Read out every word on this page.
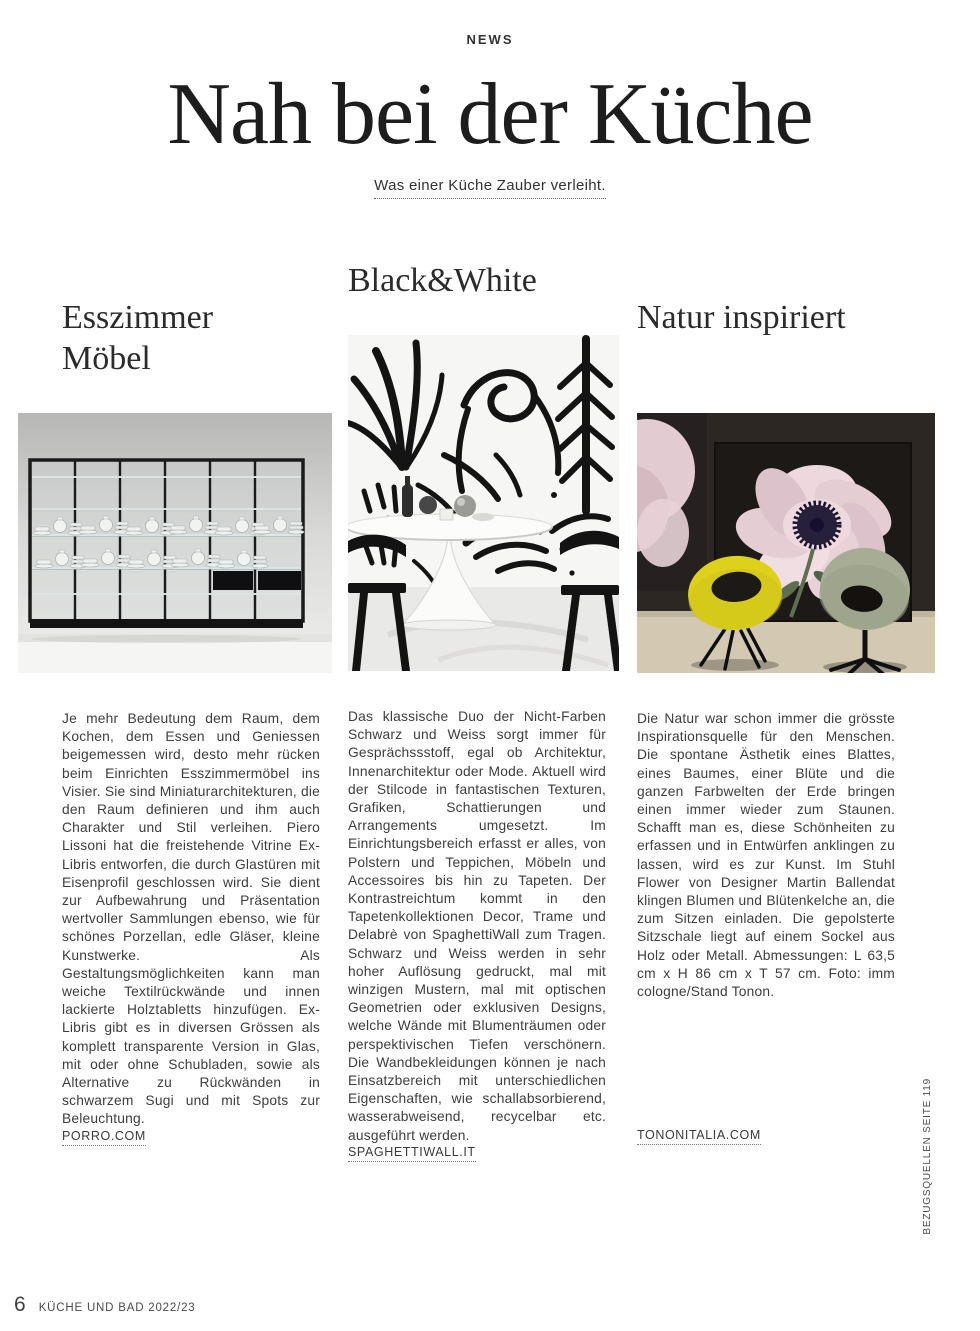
NEWS
Nah bei der Küche
Was einer Küche Zauber verleiht.
Esszimmer Möbel

Je mehr Bedeutung dem Raum, dem Kochen, dem Essen und Geniessen beigemessen wird, desto mehr rücken beim Einrichten Esszimmermöbel ins Visier. Sie sind Miniaturarchitekturen, die den Raum definieren und ihm auch Charakter und Stil verleihen. Piero Lissoni hat die freistehende Vitrine Ex-Libris entworfen, die durch Glastüren mit Eisenprofil geschlossen wird. Sie dient zur Aufbewahrung und Präsentation wertvoller Sammlungen ebenso, wie für schönes Porzellan, edle Gläser, kleine Kunstwerke. Als Gestaltungsmöglichkeiten kann man weiche Textilrückwände und innen lackierte Holztabletts hinzufügen. Ex-Libris gibt es in diversen Grössen als komplett transparente Version in Glas, mit oder ohne Schubladen, sowie als Alternative zu Rückwänden in schwarzem Sugi und mit Spots zur Beleuchtung.

PORRO.COM
Black&White

Das klassische Duo der Nicht-Farben Schwarz und Weiss sorgt immer für Gesprächssstoff, egal ob Architektur, Innenarchitektur oder Mode. Aktuell wird der Stilcode in fantastischen Texturen, Grafiken, Schattierungen und Arrangements umgesetzt. Im Einrichtungsbereich erfasst er alles, von Polstern und Teppichen, Möbeln und Accessoires bis hin zu Tapeten. Der Kontrastreichtum kommt in den Tapetenkollektionen Decor, Trame und Delabrè von SpaghettiWall zum Tragen. Schwarz und Weiss werden in sehr hoher Auflösung gedruckt, mal mit winzigen Mustern, mal mit optischen Geometrien oder exklusiven Designs, welche Wände mit Blumenträumen oder perspektivischen Tiefen verschönern. Die Wandbekleidungen können je nach Einsatzbereich mit unterschiedlichen Eigenschaften, wie schallabsorbierend, wasserabweisend, recycelbar etc. ausgeführt werden.

SPAGHETTIWALL.IT
Natur inspiriert

Die Natur war schon immer die grösste Inspirationsquelle für den Menschen. Die spontane Ästhetik eines Blattes, eines Baumes, einer Blüte und die ganzen Farbwelten der Erde bringen einen immer wieder zum Staunen. Schafft man es, diese Schönheiten zu erfassen und in Entwürfen anklingen zu lassen, wird es zur Kunst. Im Stuhl Flower von Designer Martin Ballendat klingen Blumen und Blütenkelche an, die zum Sitzen einladen. Die gepolsterte Sitzschale liegt auf einem Sockel aus Holz oder Metall. Abmessungen: L 63,5 cm x H 86 cm x T 57 cm. Foto: imm cologne/Stand Tonon.

TONONITALIA.COM	BEZUGSQUELLEN SEITE 119
6 KÜCHE UND BAD 2022/23
